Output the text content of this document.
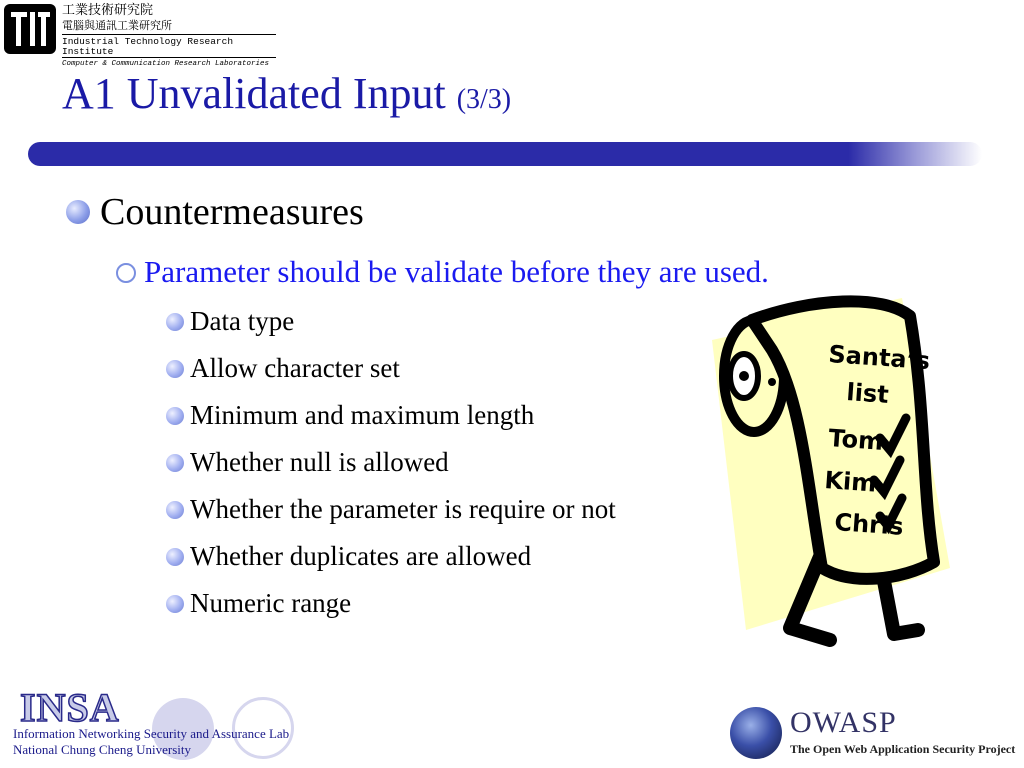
工業技術研究院
電腦與通訊工業研究所
Industrial Technology Research Institute
Computer & Communication Research Laboratories
A1 Unvalidated Input (3/3)
Countermeasures
Parameter should be validate before they are used.
Data type
Allow character set
Minimum and maximum length
Whether null is allowed
Whether the parameter is require or not
Whether duplicates are allowed
Numeric range
Santa’s
list
Tom
Kim
Chris
INSA
Information Networking Security and Assurance Lab
National Chung Cheng University
OWASP
The Open Web Application Security Project
